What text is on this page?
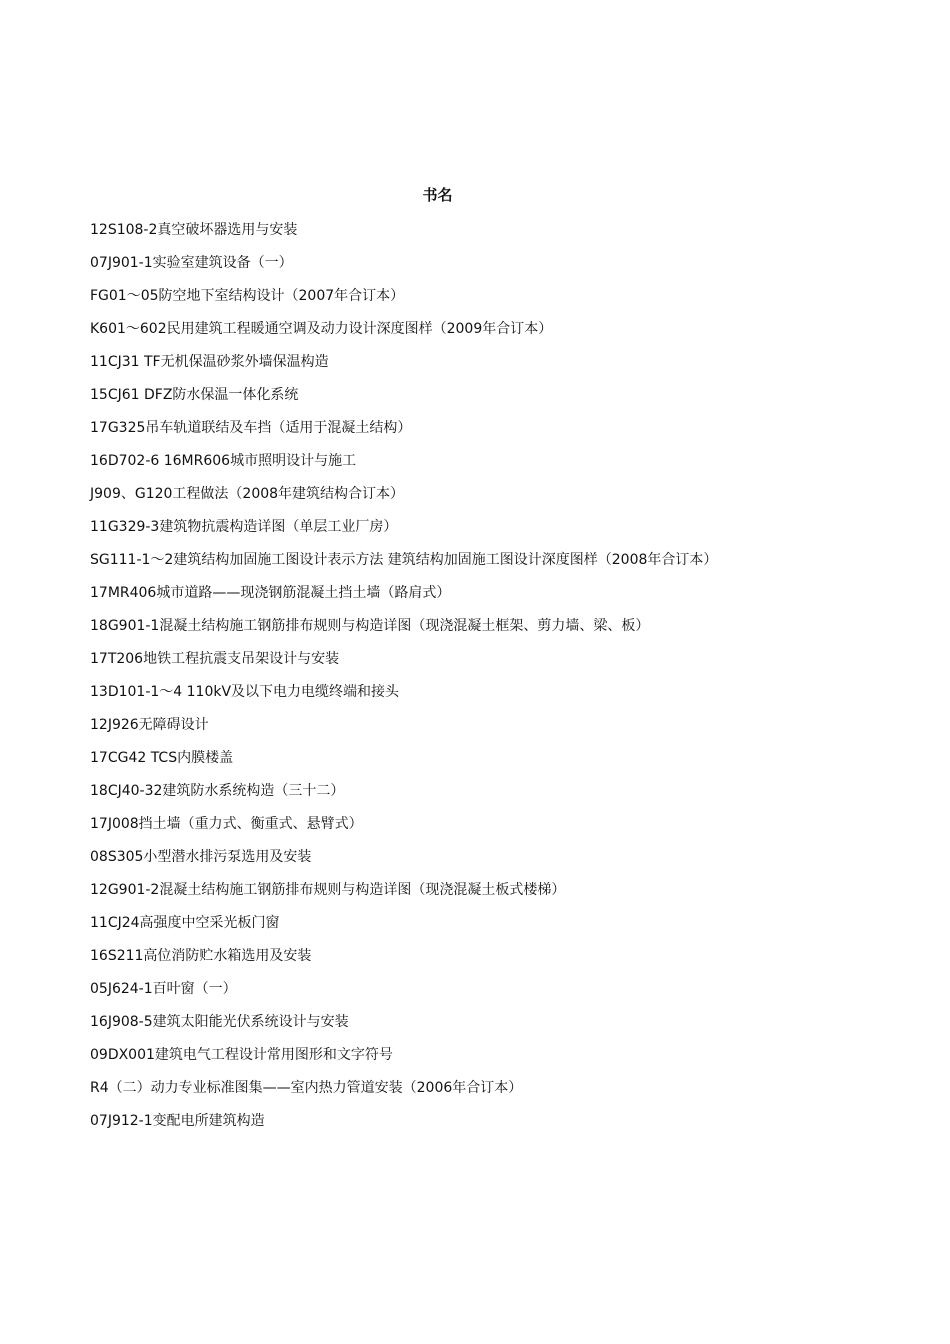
书名
12S108-2真空破坏器选用与安装
07J901-1实验室建筑设备（一）
FG01～05防空地下室结构设计（2007年合订本）
K601～602民用建筑工程暖通空调及动力设计深度图样（2009年合订本）
11CJ31 TF无机保温砂浆外墙保温构造
15CJ61 DFZ防水保温一体化系统
17G325吊车轨道联结及车挡（适用于混凝土结构）
16D702-6 16MR606城市照明设计与施工
J909、G120工程做法（2008年建筑结构合订本）
11G329-3建筑物抗震构造详图（单层工业厂房）
SG111-1～2建筑结构加固施工图设计表示方法 建筑结构加固施工图设计深度图样（2008年合订本）
17MR406城市道路——现浇钢筋混凝土挡土墙（路肩式）
18G901-1混凝土结构施工钢筋排布规则与构造详图（现浇混凝土框架、剪力墙、梁、板）
17T206地铁工程抗震支吊架设计与安装
13D101-1～4 110kV及以下电力电缆终端和接头
12J926无障碍设计
17CG42 TCS内膜楼盖
18CJ40-32建筑防水系统构造（三十二）
17J008挡土墙（重力式、衡重式、悬臂式）
08S305小型潜水排污泵选用及安装
12G901-2混凝土结构施工钢筋排布规则与构造详图（现浇混凝土板式楼梯）
11CJ24高强度中空采光板门窗
16S211高位消防贮水箱选用及安装
05J624-1百叶窗（一）
16J908-5建筑太阳能光伏系统设计与安装
09DX001建筑电气工程设计常用图形和文字符号
R4（二）动力专业标准图集——室内热力管道安装（2006年合订本）
07J912-1变配电所建筑构造
